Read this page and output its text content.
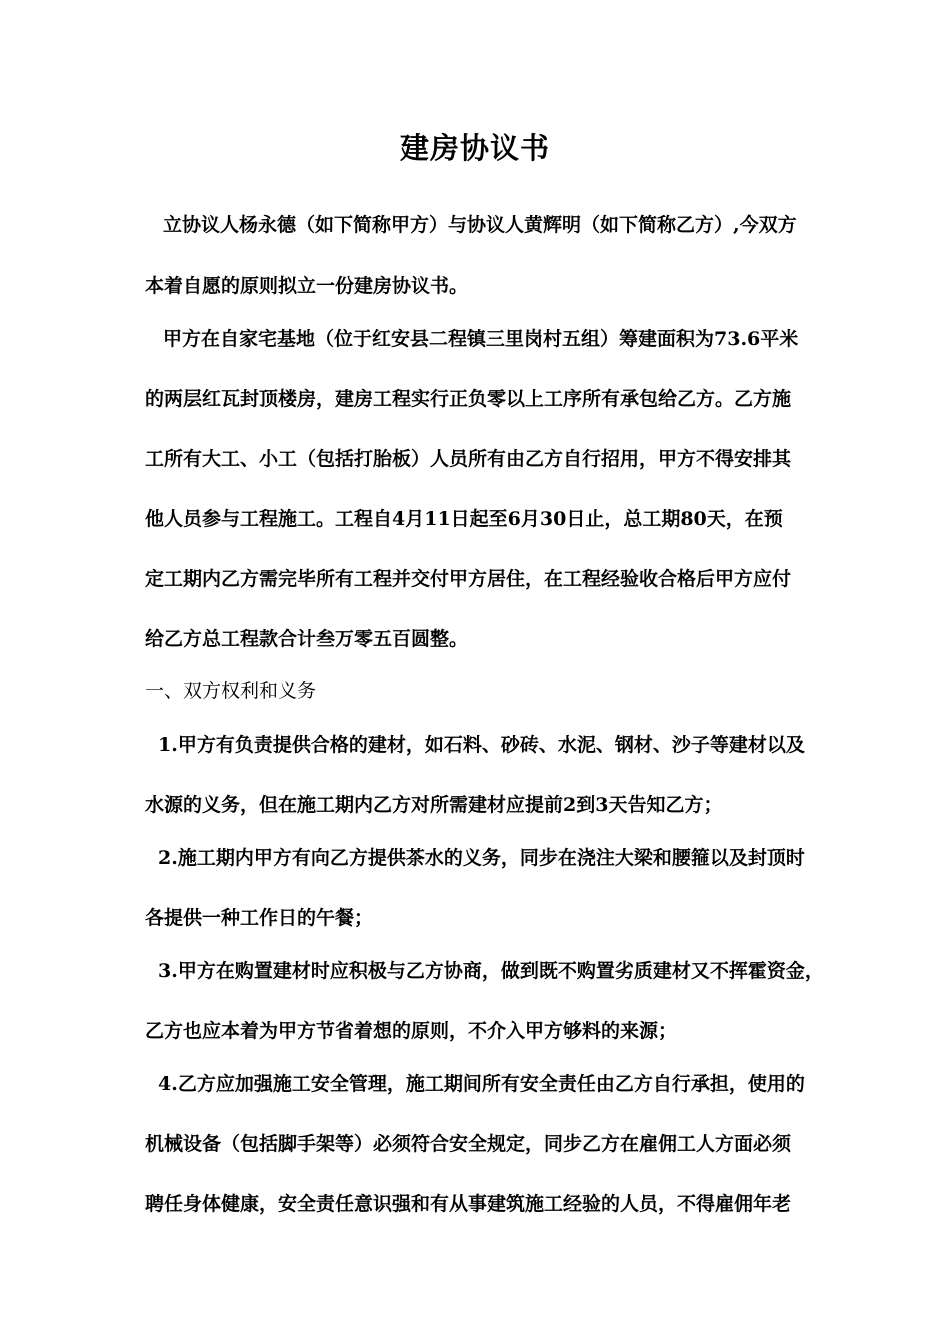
建房协议书
立协议人杨永德（如下简称甲方）与协议人黄辉明（如下简称乙方）,今双方
本着自愿的原则拟立一份建房协议书。
甲方在自家宅基地（位于红安县二程镇三里岗村五组）筹建面积为73.6平米
的两层红瓦封顶楼房，建房工程实行正负零以上工序所有承包给乙方。乙方施
工所有大工、小工（包括打胎板）人员所有由乙方自行招用，甲方不得安排其
他人员参与工程施工。工程自4月11日起至6月30日止，总工期80天，在预
定工期内乙方需完毕所有工程并交付甲方居住，在工程经验收合格后甲方应付
给乙方总工程款合计叁万零五百圆整。
一、双方权利和义务
1.甲方有负责提供合格的建材，如石料、砂砖、水泥、钢材、沙子等建材以及
水源的义务，但在施工期内乙方对所需建材应提前2到3天告知乙方；
2.施工期内甲方有向乙方提供茶水的义务，同步在浇注大梁和腰箍以及封顶时
各提供一种工作日的午餐；
3.甲方在购置建材时应积极与乙方协商，做到既不购置劣质建材又不挥霍资金，
乙方也应本着为甲方节省着想的原则，不介入甲方够料的来源；
4.乙方应加强施工安全管理，施工期间所有安全责任由乙方自行承担，使用的
机械设备（包括脚手架等）必须符合安全规定，同步乙方在雇佣工人方面必须
聘任身体健康，安全责任意识强和有从事建筑施工经验的人员，不得雇佣年老
